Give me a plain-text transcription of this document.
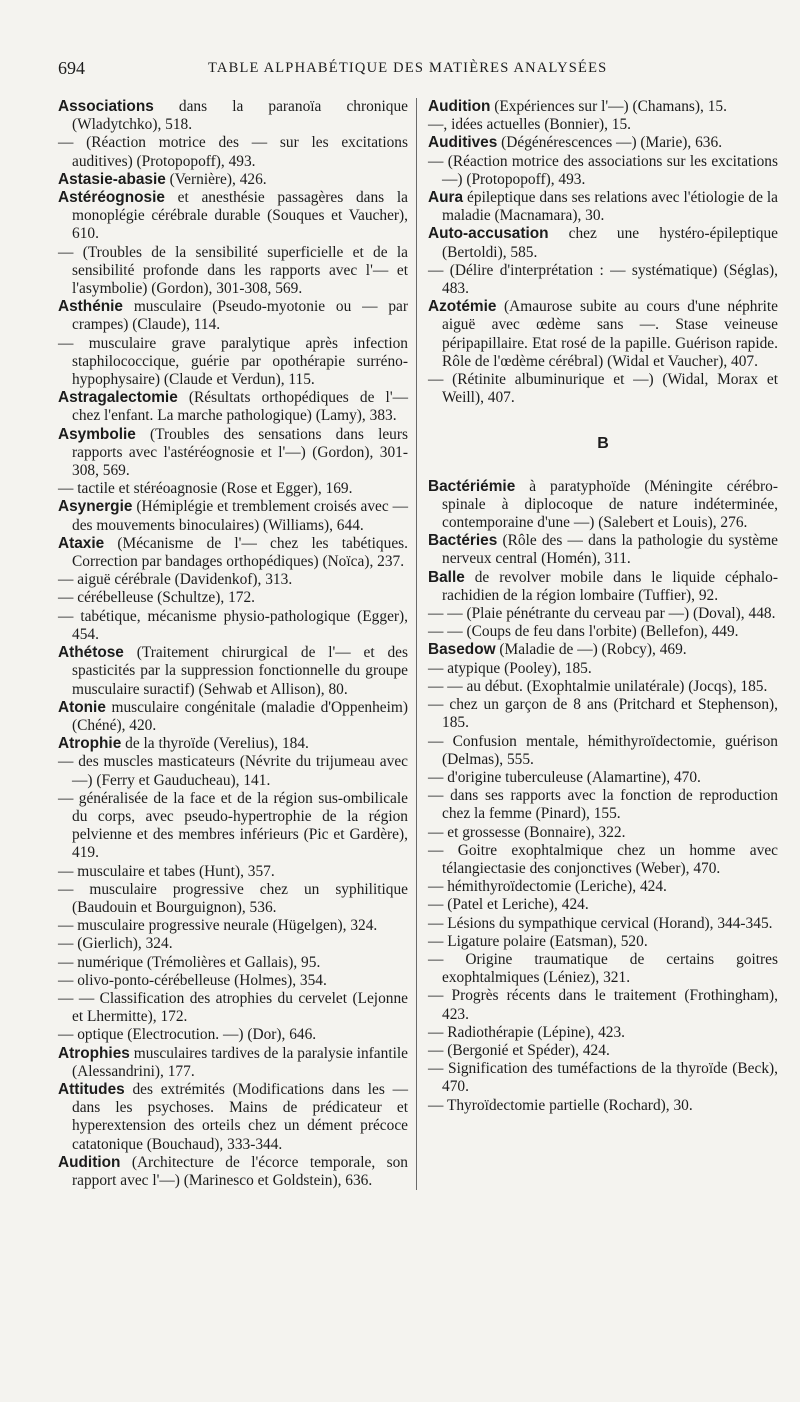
694	TABLE ALPHABÉTIQUE DES MATIÈRES ANALYSÉES

Associations dans la paranoïa chronique (Wladytchko), 518.

— (Réaction motrice des — sur les excitations auditives) (Protopopoff), 493.

Astasie-abasie (Vernière), 426.

Astéréognosie et anesthésie passagères dans la monoplégie cérébrale durable (Souques et Vaucher), 610.

— (Troubles de la sensibilité superficielle et de la sensibilité profonde dans les rapports avec l'— et l'asymbolie) (Gordon), 301-308, 569.

Asthénie musculaire (Pseudo-myotonie ou — par crampes) (Claude), 114.

— musculaire grave paralytique après infection staphilococcique, guérie par opothérapie surréno-hypophysaire) (Claude et Verdun), 115.

Astragalectomie (Résultats orthopédiques de l'— chez l'enfant. La marche pathologique) (Lamy), 383.

Asymbolie (Troubles des sensations dans leurs rapports avec l'astéréognosie et l'—) (Gordon), 301-308, 569.

— tactile et stéréoagnosie (Rose et Egger), 169.

Asynergie (Hémiplégie et tremblement croisés avec — des mouvements binoculaires) (Williams), 644.

Ataxie (Mécanisme de l'— chez les tabétiques. Correction par bandages orthopédiques) (Noïca), 237.

— aiguë cérébrale (Davidenkof), 313.

— cérébelleuse (Schultze), 172.

— tabétique, mécanisme physio-pathologique (Egger), 454.

Athétose (Traitement chirurgical de l'— et des spasticités par la suppression fonctionnelle du groupe musculaire suractif) (Sehwab et Allison), 80.

Atonie musculaire congénitale (maladie d'Oppenheim) (Chéné), 420.

Atrophie de la thyroïde (Verelius), 184.

— des muscles masticateurs (Névrite du trijumeau avec —) (Ferry et Gauducheau), 141.

— généralisée de la face et de la région sus-ombilicale du corps, avec pseudo-hypertrophie de la région pelvienne et des membres inférieurs (Pic et Gardère), 419.

— musculaire et tabes (Hunt), 357.

— musculaire progressive chez un syphilitique (Baudouin et Bourguignon), 536.

— musculaire progressive neurale (Hügelgen), 324.

— (Gierlich), 324.

— numérique (Trémolières et Gallais), 95.

— olivo-ponto-cérébelleuse (Holmes), 354.

— — Classification des atrophies du cervelet (Lejonne et Lhermitte), 172.

— optique (Electrocution. —) (Dor), 646.

Atrophies musculaires tardives de la paralysie infantile (Alessandrini), 177.

Attitudes des extrémités (Modifications dans les — dans les psychoses. Mains de prédicateur et hyperextension des orteils chez un dément précoce catatonique (Bouchaud), 333-344.

Audition (Architecture de l'écorce temporale, son rapport avec l'—) (Marinesco et Goldstein), 636.

Audition (Expériences sur l'—) (Chamans), 15.

—, idées actuelles (Bonnier), 15.

Auditives (Dégénérescences —) (Marie), 636.

— (Réaction motrice des associations sur les excitations —) (Protopopoff), 493.

Aura épileptique dans ses relations avec l'étiologie de la maladie (Macnamara), 30.

Auto-accusation chez une hystéro-épileptique (Bertoldi), 585.

— (Délire d'interprétation : — systématique) (Séglas), 483.

Azotémie (Amaurose subite au cours d'une néphrite aiguë avec œdème sans —. Stase veineuse péripapillaire. Etat rosé de la papille. Guérison rapide. Rôle de l'œdème cérébral) (Widal et Vaucher), 407.

— (Rétinite albuminurique et —) (Widal, Morax et Weill), 407.

B

Bactériémie à paratyphoïde (Méningite cérébro-spinale à diplocoque de nature indéterminée, contemporaine d'une —) (Salebert et Louis), 276.

Bactéries (Rôle des — dans la pathologie du système nerveux central (Homén), 311.

Balle de revolver mobile dans le liquide céphalo-rachidien de la région lombaire (Tuffier), 92.

— — (Plaie pénétrante du cerveau par —) (Doval), 448.

— — (Coups de feu dans l'orbite) (Bellefon), 449.

Basedow (Maladie de —) (Robcy), 469.

— atypique (Pooley), 185.

— — au début. (Exophtalmie unilatérale) (Jocqs), 185.

— chez un garçon de 8 ans (Pritchard et Stephenson), 185.

— Confusion mentale, hémithyroïdectomie, guérison (Delmas), 555.

— d'origine tuberculeuse (Alamartine), 470.

— dans ses rapports avec la fonction de reproduction chez la femme (Pinard), 155.

— et grossesse (Bonnaire), 322.

— Goitre exophtalmique chez un homme avec télangiectasie des conjonctives (Weber), 470.

— hémithyroïdectomie (Leriche), 424.

— (Patel et Leriche), 424.

— Lésions du sympathique cervical (Horand), 344-345.

— Ligature polaire (Eatsman), 520.

— Origine traumatique de certains goitres exophtalmiques (Léniez), 321.

— Progrès récents dans le traitement (Frothingham), 423.

— Radiothérapie (Lépine), 423.

— (Bergonié et Spéder), 424.

— Signification des tuméfactions de la thyroïde (Beck), 470.

— Thyroïdectomie partielle (Rochard), 30.
